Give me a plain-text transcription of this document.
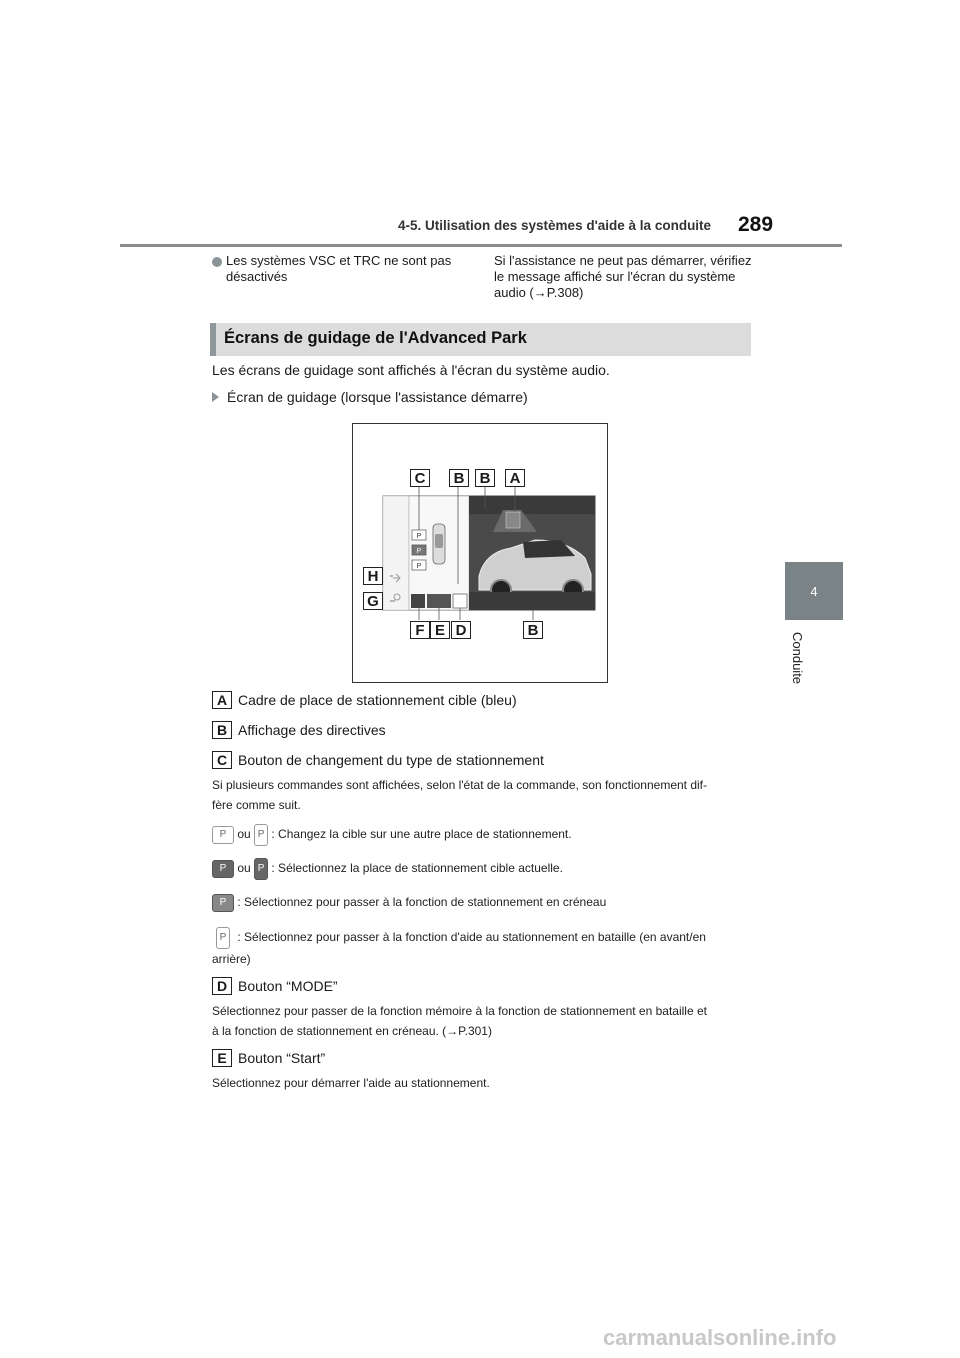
4-5. Utilisation des systèmes d'aide à la conduite 289
4
Conduite
Les systèmes VSC et TRC ne sont pas désactivés
Si l'assistance ne peut pas démarrer, vérifiez le message affiché sur l'écran du système audio (→P.308)
Écrans de guidage de l'Advanced Park
Les écrans de guidage sont affichés à l'écran du système audio.
Écran de guidage (lorsque l'assistance démarre)
P
P
P
C	B	B	A
H
G
F E D	B
A Cadre de place de stationnement cible (bleu)
B Affichage des directives
C Bouton de changement du type de stationnement
Si plusieurs commandes sont affichées, selon l'état de la commande, son fonctionnement dif-
fère comme suit.
P ou P : Changez la cible sur une autre place de stationnement.
P ou P : Sélectionnez la place de stationnement cible actuelle.
P : Sélectionnez pour passer à la fonction de stationnement en créneau
P : Sélectionnez pour passer à la fonction d'aide au stationnement en bataille (en avant/en
arrière)
D Bouton “MODE”
Sélectionnez pour passer de la fonction mémoire à la fonction de stationnement en bataille et
à la fonction de stationnement en créneau. (→P.301)
E Bouton “Start”
Sélectionnez pour démarrer l'aide au stationnement.
carmanualsonline.info
